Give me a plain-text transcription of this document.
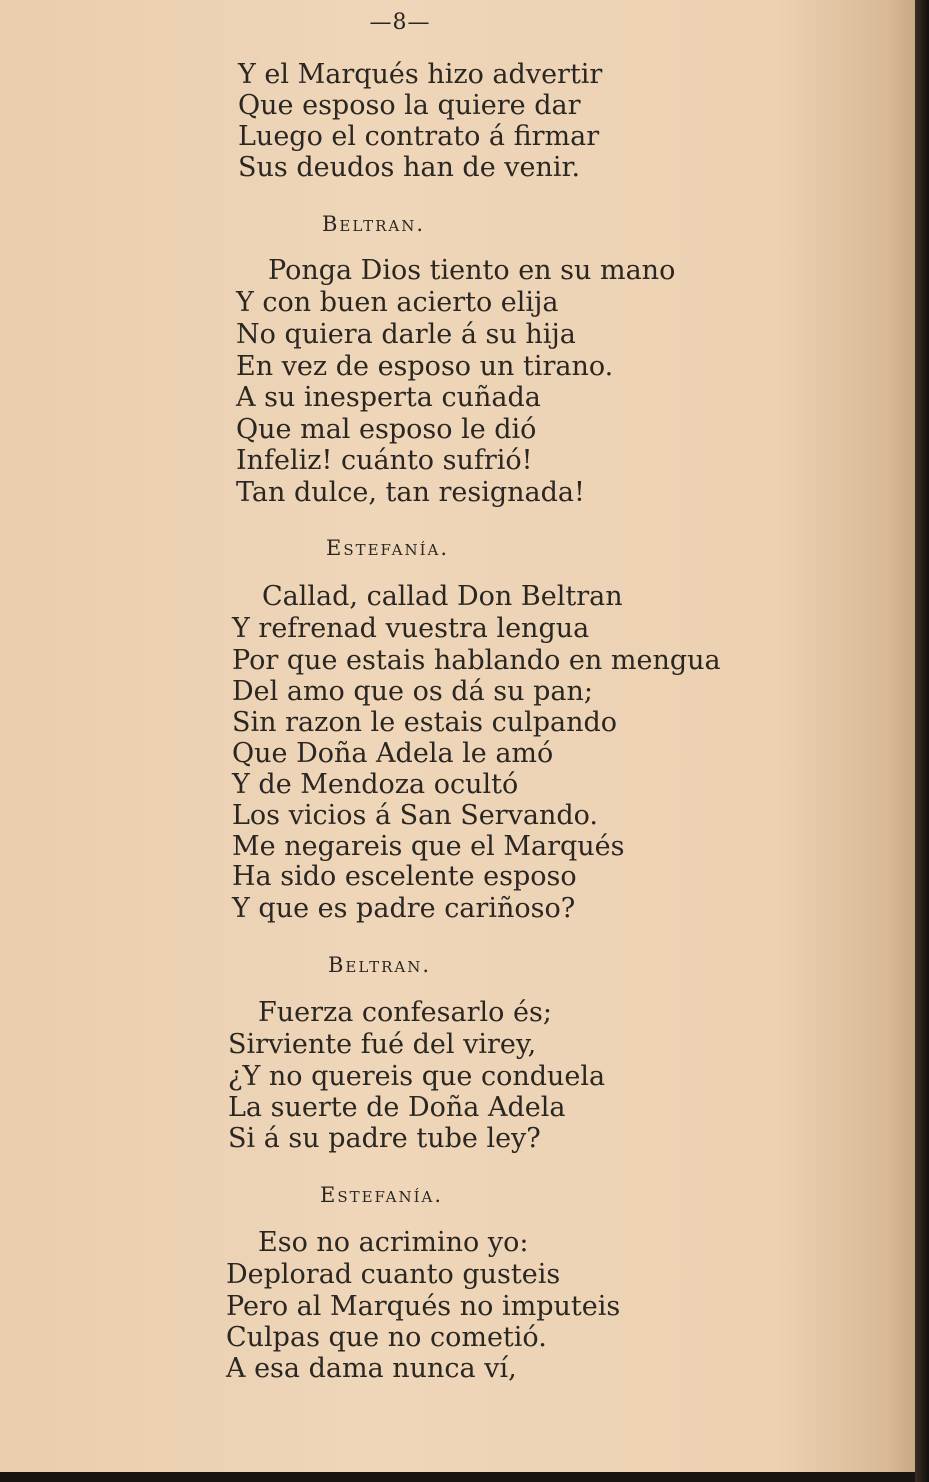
—8—
Y el Marqués hizo advertir
Que esposo la quiere dar
Luego el contrato á firmar
Sus deudos han de venir.
Beltran.
Ponga Dios tiento en su mano
Y con buen acierto elija
No quiera darle á su hija
En vez de esposo un tirano.
A su inesperta cuñada
Que mal esposo le dió
Infeliz! cuánto sufrió!
Tan dulce, tan resignada!
Estefanía.
Callad, callad Don Beltran
Y refrenad vuestra lengua
Por que estais hablando en mengua
Del amo que os dá su pan;
Sin razon le estais culpando
Que Doña Adela le amó
Y de Mendoza ocultó
Los vicios á San Servando.
Me negareis que el Marqués
Ha sido escelente esposo
Y que es padre cariñoso?
Beltran.
Fuerza confesarlo és;
Sirviente fué del virey,
¿Y no quereis que conduela
La suerte de Doña Adela
Si á su padre tube ley?
Estefanía.
Eso no acrimino yo:
Deplorad cuanto gusteis
Pero al Marqués no imputeis
Culpas que no cometió.
A esa dama nunca ví,
